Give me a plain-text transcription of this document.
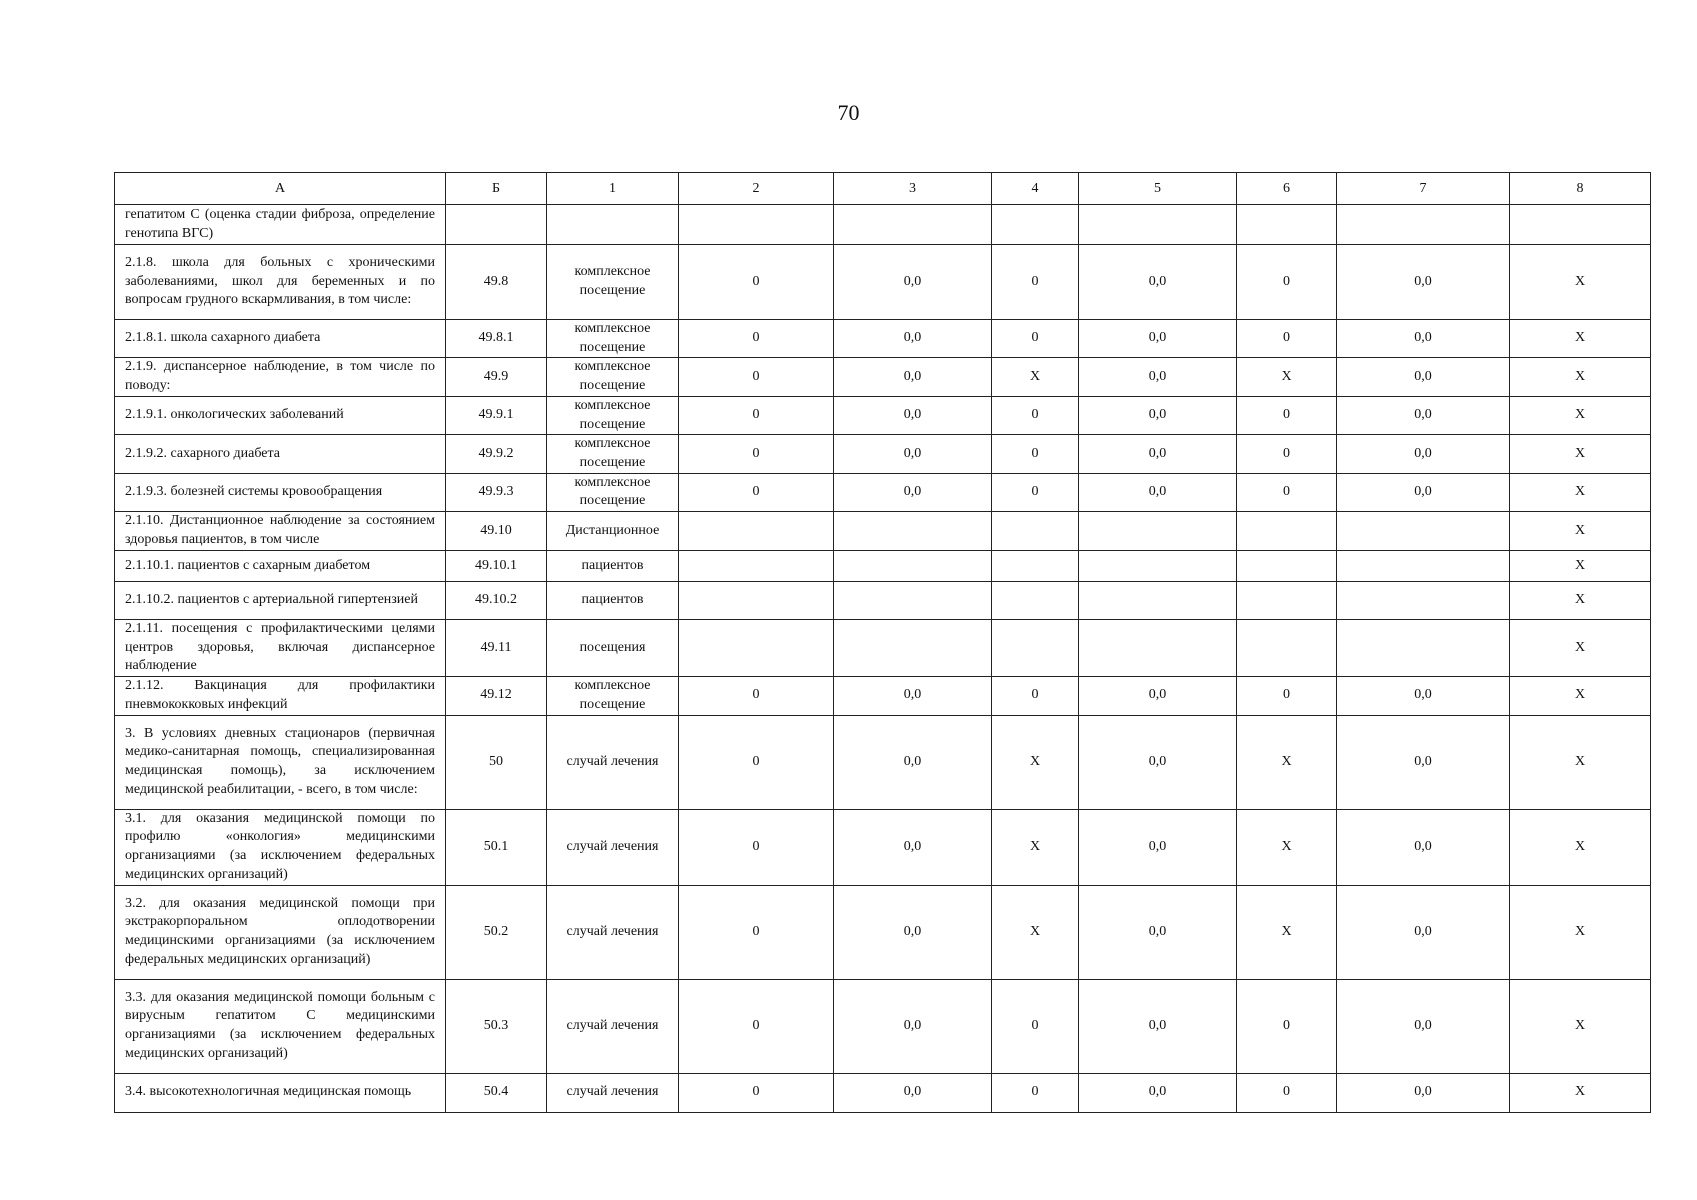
70
А	Б	1	2	3	4	5	6	7	8
гепатитом С (оценка стадии фиброза, определение генотипа ВГС)									
2.1.8. школа для больных с хроническими заболеваниями, школ для беременных и по вопросам грудного вскармливания, в том числе:	49.8	комплексное посещение	0	0,0	0	0,0	0	0,0	Х
2.1.8.1. школа сахарного диабета	49.8.1	комплексное посещение	0	0,0	0	0,0	0	0,0	Х
2.1.9. диспансерное наблюдение, в том числе по поводу:	49.9	комплексное посещение	0	0,0	Х	0,0	Х	0,0	Х
2.1.9.1. онкологических заболеваний	49.9.1	комплексное посещение	0	0,0	0	0,0	0	0,0	Х
2.1.9.2. сахарного диабета	49.9.2	комплексное посещение	0	0,0	0	0,0	0	0,0	Х
2.1.9.3. болезней системы кровообращения	49.9.3	комплексное посещение	0	0,0	0	0,0	0	0,0	Х
2.1.10. Дистанционное наблюдение за состоянием здоровья пациентов, в том числе	49.10	Дистанционное							Х
2.1.10.1. пациентов с сахарным диабетом	49.10.1	пациентов							Х
2.1.10.2. пациентов с артериальной гипертензией	49.10.2	пациентов							Х
2.1.11. посещения с профилактическими целями центров здоровья, включая диспансерное наблюдение	49.11	посещения							Х
2.1.12. Вакцинация для профилактики пневмококковых инфекций	49.12	комплексное посещение	0	0,0	0	0,0	0	0,0	Х
3. В условиях дневных стационаров (первичная медико-санитарная помощь, специализированная медицинская помощь), за исключением медицинской реабилитации, - всего, в том числе:	50	случай лечения	0	0,0	Х	0,0	Х	0,0	Х
3.1. для оказания медицинской помощи по профилю «онкология» медицинскими организациями (за исключением федеральных медицинских организаций)	50.1	случай лечения	0	0,0	Х	0,0	Х	0,0	Х
3.2. для оказания медицинской помощи при экстракорпоральном оплодотворении медицинскими организациями (за исключением федеральных медицинских организаций)	50.2	случай лечения	0	0,0	Х	0,0	Х	0,0	Х
3.3. для оказания медицинской помощи больным с вирусным гепатитом С медицинскими организациями (за исключением федеральных медицинских организаций)	50.3	случай лечения	0	0,0	0	0,0	0	0,0	Х
3.4. высокотехнологичная медицинская помощь	50.4	случай лечения	0	0,0	0	0,0	0	0,0	Х
